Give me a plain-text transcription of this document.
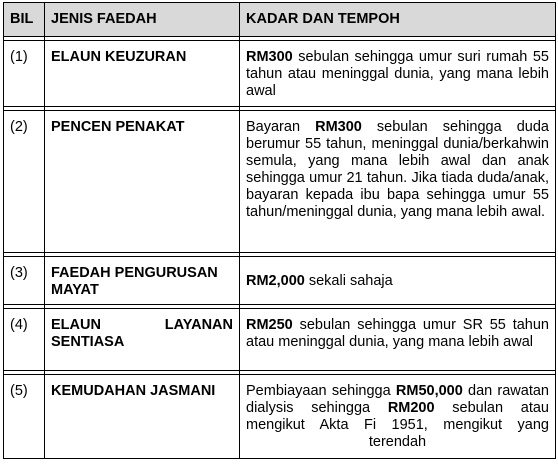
BIL	JENIS FAEDAH	KADAR DAN TEMPOH

(1)	ELAUN KEUZURAN	RM300 sebulan sehingga umur suri rumah 55 tahun atau meninggal dunia, yang mana lebih awal

(2)	PENCEN PENAKAT	Bayaran RM300 sebulan sehingga duda berumur 55 tahun, meninggal dunia/berkahwin semula, yang mana lebih awal dan anak sehingga umur 21 tahun. Jika tiada duda/anak, bayaran kepada ibu bapa sehingga umur 55 tahun/meninggal dunia, yang mana lebih awal.

(3)	FAEDAH PENGURUSAN MAYAT	RM2,000 sekali sahaja

(4)	ELAUN LAYANAN SENTIASA	RM250 sebulan sehingga umur SR 55 tahun atau meninggal dunia, yang mana lebih awal

(5)	KEMUDAHAN JASMANI	Pembiayaan sehingga RM50,000 dan rawatan dialysis sehingga RM200 sebulan atau mengikut Akta Fi 1951, mengikut yang terendah
